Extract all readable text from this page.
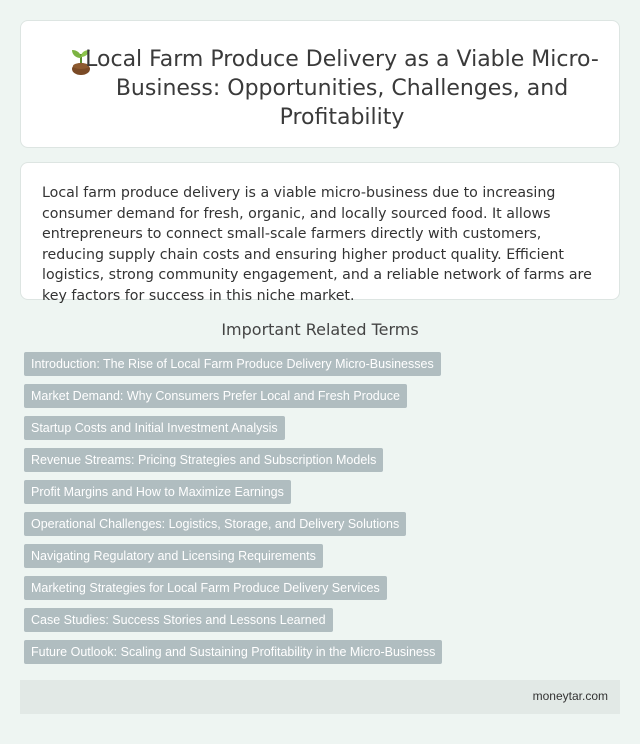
Local Farm Produce Delivery as a Viable Micro-Business: Opportunities, Challenges, and Profitability

Local farm produce delivery is a viable micro-business due to increasing consumer demand for fresh, organic, and locally sourced food. It allows entrepreneurs to connect small-scale farmers directly with customers, reducing supply chain costs and ensuring higher product quality. Efficient logistics, strong community engagement, and a reliable network of farms are key factors for success in this niche market.

Important Related Terms
Introduction: The Rise of Local Farm Produce Delivery Micro-Businesses
Market Demand: Why Consumers Prefer Local and Fresh Produce
Startup Costs and Initial Investment Analysis
Revenue Streams: Pricing Strategies and Subscription Models
Profit Margins and How to Maximize Earnings
Operational Challenges: Logistics, Storage, and Delivery Solutions
Navigating Regulatory and Licensing Requirements
Marketing Strategies for Local Farm Produce Delivery Services
Case Studies: Success Stories and Lessons Learned
Future Outlook: Scaling and Sustaining Profitability in the Micro-Business
moneytar.com
